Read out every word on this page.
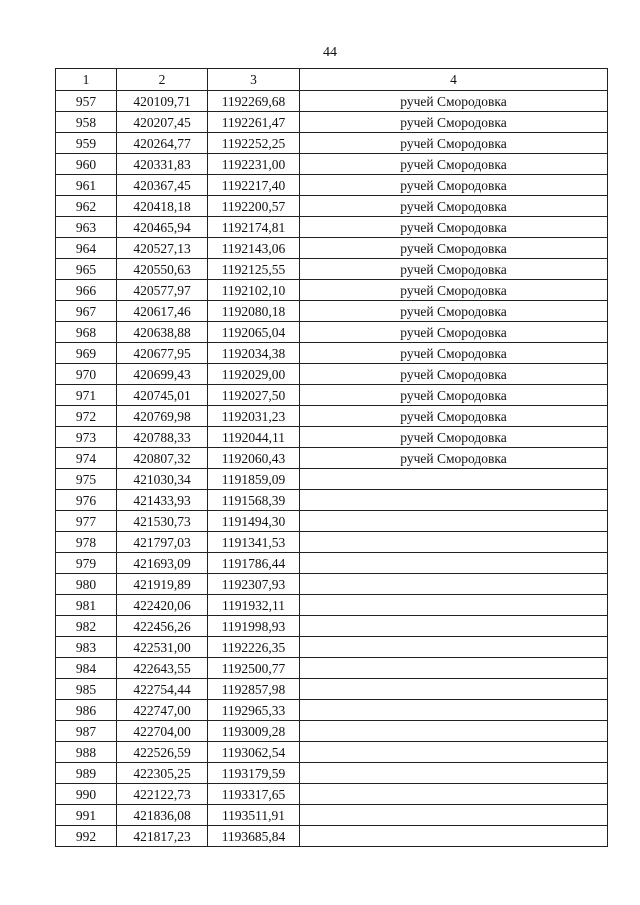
44
1	2	3	4
957	420109,71	1192269,68	ручей Смородовка
958	420207,45	1192261,47	ручей Смородовка
959	420264,77	1192252,25	ручей Смородовка
960	420331,83	1192231,00	ручей Смородовка
961	420367,45	1192217,40	ручей Смородовка
962	420418,18	1192200,57	ручей Смородовка
963	420465,94	1192174,81	ручей Смородовка
964	420527,13	1192143,06	ручей Смородовка
965	420550,63	1192125,55	ручей Смородовка
966	420577,97	1192102,10	ручей Смородовка
967	420617,46	1192080,18	ручей Смородовка
968	420638,88	1192065,04	ручей Смородовка
969	420677,95	1192034,38	ручей Смородовка
970	420699,43	1192029,00	ручей Смородовка
971	420745,01	1192027,50	ручей Смородовка
972	420769,98	1192031,23	ручей Смородовка
973	420788,33	1192044,11	ручей Смородовка
974	420807,32	1192060,43	ручей Смородовка
975	421030,34	1191859,09	
976	421433,93	1191568,39	
977	421530,73	1191494,30	
978	421797,03	1191341,53	
979	421693,09	1191786,44	
980	421919,89	1192307,93	
981	422420,06	1191932,11	
982	422456,26	1191998,93	
983	422531,00	1192226,35	
984	422643,55	1192500,77	
985	422754,44	1192857,98	
986	422747,00	1192965,33	
987	422704,00	1193009,28	
988	422526,59	1193062,54	
989	422305,25	1193179,59	
990	422122,73	1193317,65	
991	421836,08	1193511,91	
992	421817,23	1193685,84	
